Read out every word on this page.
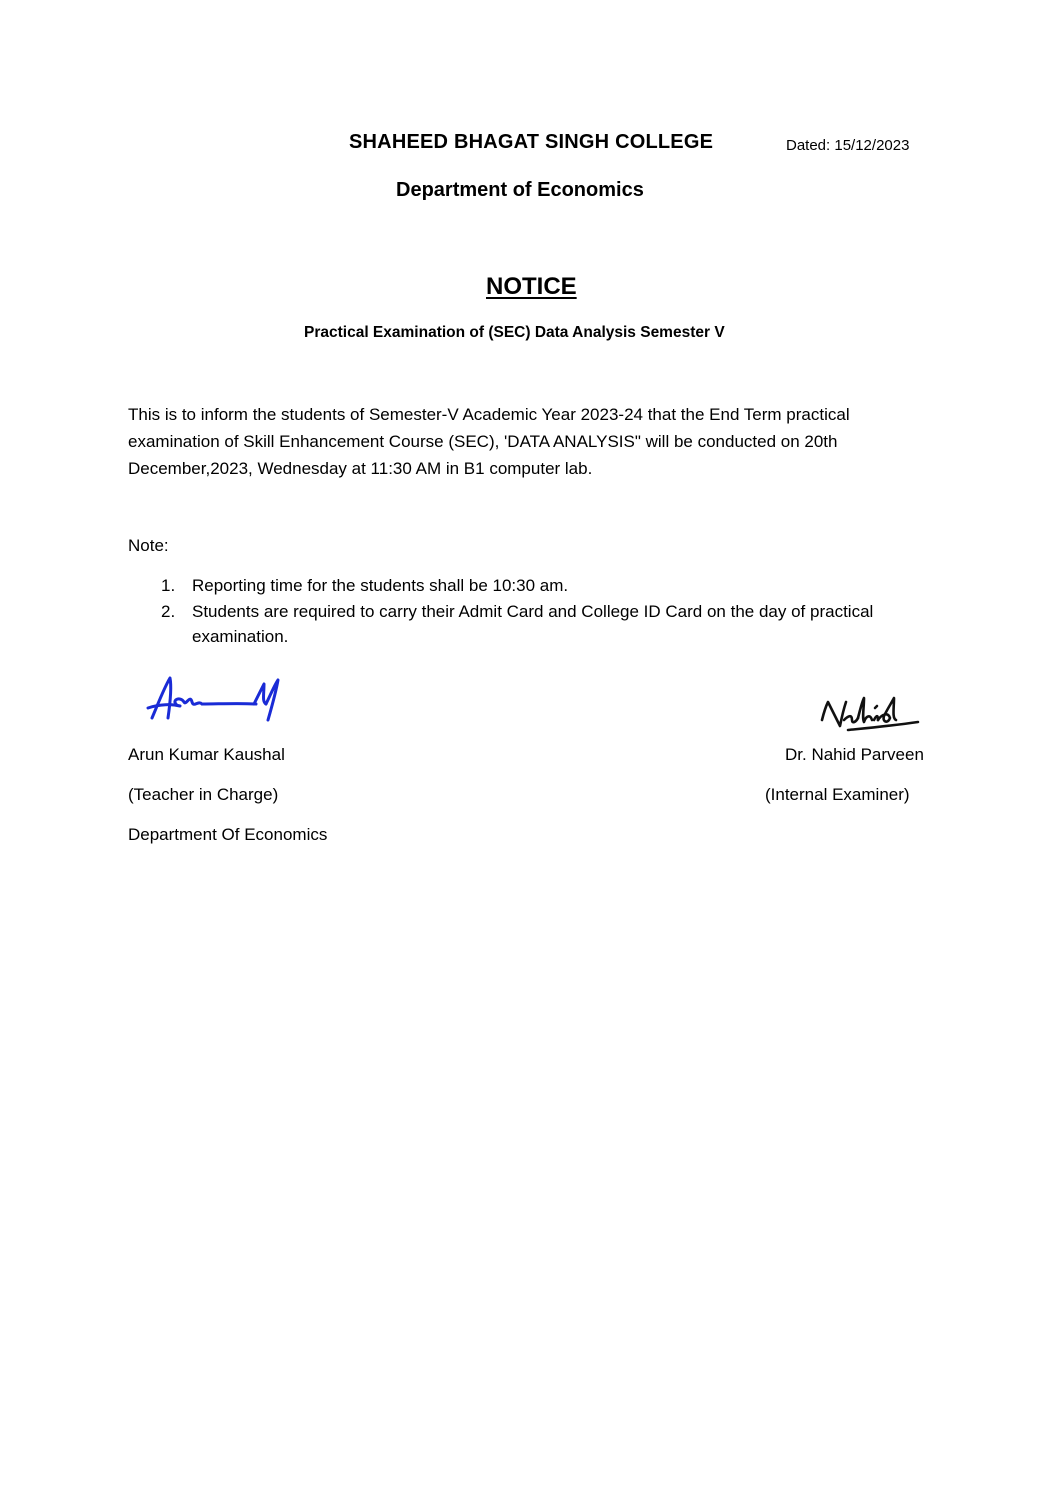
SHAHEED BHAGAT SINGH COLLEGE	Dated: 15/12/2023
Department of Economics
NOTICE
Practical Examination of (SEC) Data Analysis Semester V
This is to inform the students of Semester-V Academic Year 2023-24 that the End Term practical examination of Skill Enhancement Course (SEC), 'DATA ANALYSIS" will be conducted on 20th December,2023, Wednesday at 11:30 AM in B1 computer lab.
Note:
1. Reporting time for the students shall be 10:30 am.
2. Students are required to carry their Admit Card and College ID Card on the day of practical examination.
Arun Kumar Kaushal
(Teacher in Charge)
Department Of Economics
Dr. Nahid Parveen
(Internal Examiner)
